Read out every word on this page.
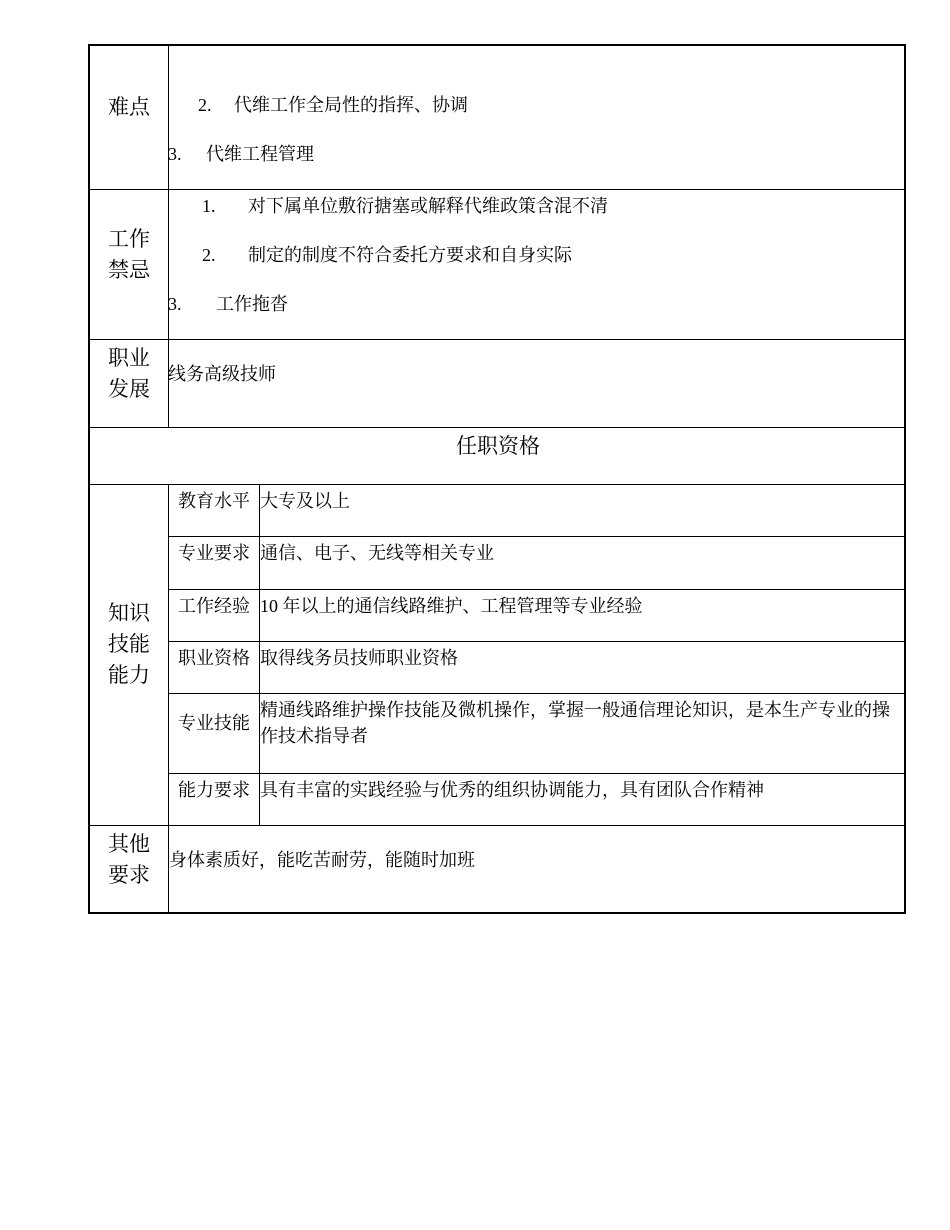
难点	2. 代维工作全局性的指挥、协调
3. 代维工程管理
工作
禁忌
1. 对下属单位敷衍搪塞或解释代维政策含混不清
2. 制定的制度不符合委托方要求和自身实际
3. 工作拖沓
职业
发展
线务高级技师
任职资格
知识
技能
能力
教育水平 大专及以上
专业要求 通信、电子、无线等相关专业
工作经验 10 年以上的通信线路维护、工程管理等专业经验
职业资格 取得线务员技师职业资格
专业技能
精通线路维护操作技能及微机操作，掌握一般通信理论知识，是本生产专业的操作技术指导者
能力要求 具有丰富的实践经验与优秀的组织协调能力，具有团队合作精神
其他
要求
身体素质好，能吃苦耐劳，能随时加班
